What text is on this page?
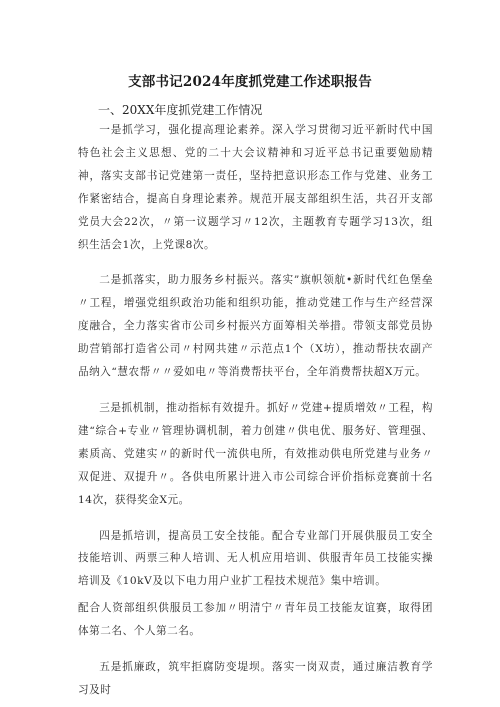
支部书记2024年度抓党建工作述职报告
一、20XX年度抓党建工作情况

一是抓学习，强化提高理论素养。深入学习贯彻习近平新时代中国特色社会主义思想、党的二十大会议精神和习近平总书记重要勉励精神，落实支部书记党建第一责任，坚持把意识形态工作与党建、业务工作紧密结合，提高自身理论素养。规范开展支部组织生活，共召开支部党员大会22次，〃第一议题学习〃12次，主题教育专题学习13次，组织生活会1次，上党课8次。

二是抓落实，助力服务乡村振兴。落实”旗帜领航•新时代红色堡垒〃工程，增强党组织政治功能和组织功能，推动党建工作与生产经营深度融合，全力落实省市公司乡村振兴方面筹相关举措。带领支部党员协助营销部打造省公司〃村网共建〃示范点1个（X坊），推动帮扶农副产品纳入“慧农帮〃〃爱如电〃等消费帮扶平台，全年消费帮扶超X万元。

三是抓机制，推动指标有效提升。抓好〃党建+提质增效〃工程，构建“综合+专业〃管理协调机制，着力创建〃供电优、服务好、管理强、素质高、党建实〃的新时代一流供电所，有效推动供电所党建与业务〃双促进、双提升〃。各供电所累计进入市公司综合评价指标竞赛前十名14次，获得奖金X元。

四是抓培训，提高员工安全技能。配合专业部门开展供服员工安全技能培训、两票三种人培训、无人机应用培训、供服青年员工技能实操培训及《10kV及以下电力用户业扩工程技术规范》集中培训。

配合人资部组织供服员工参加〃明清宁〃青年员工技能友谊赛，取得团体第二名、个人第二名。

五是抓廉政，筑牢拒腐防变堤坝。落实一岗双责，通过廉洁教育学习及时
